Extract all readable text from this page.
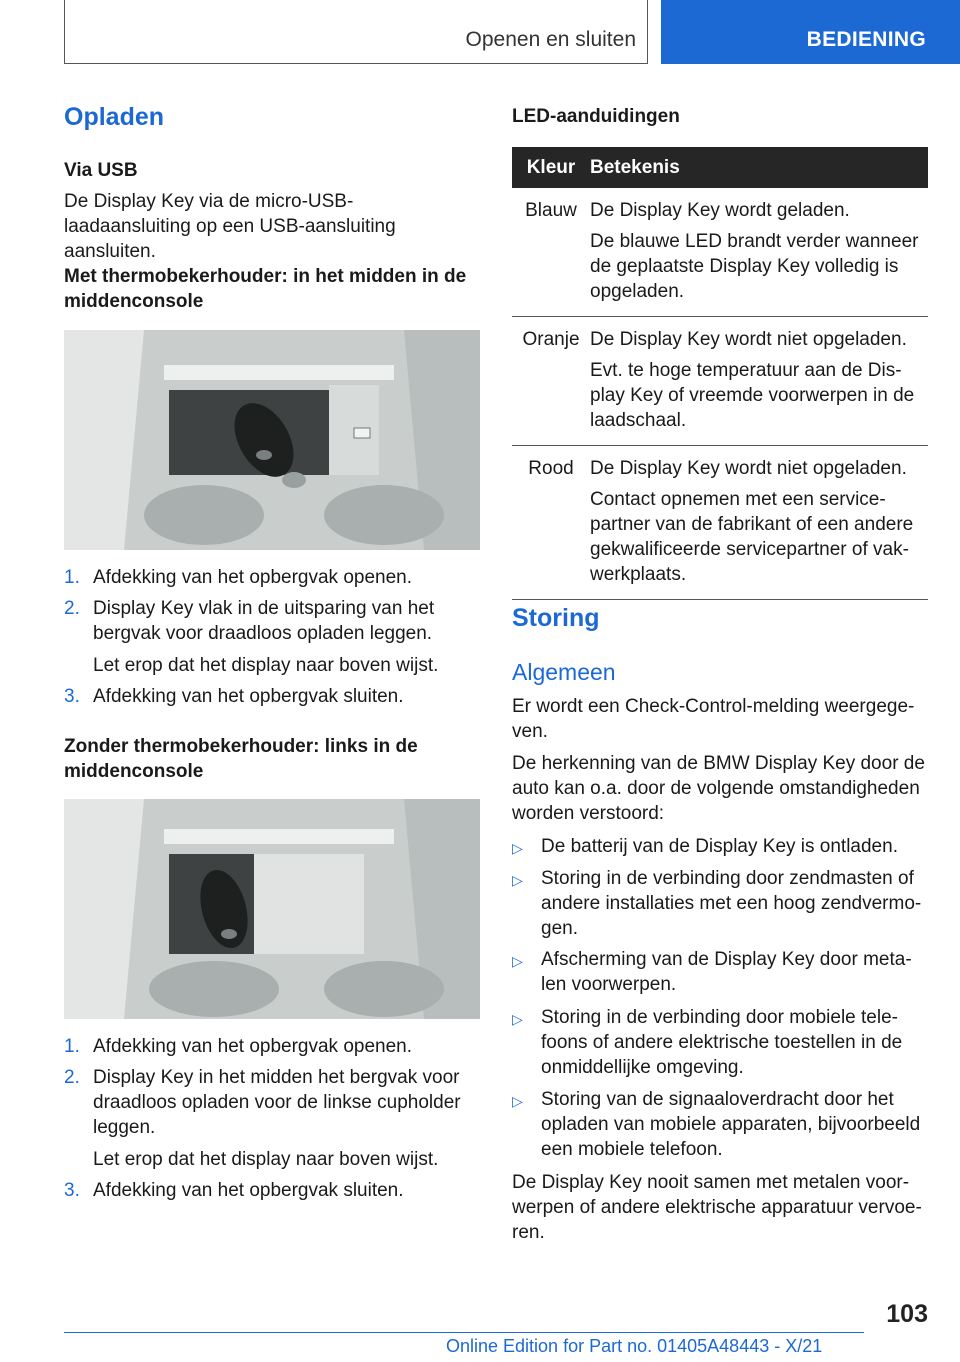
Openen en sluiten	BEDIENING
Opladen
Via USB
De Display Key via de micro-USB-laadaansluiting op een USB-aansluiting aansluiten.
Met thermobekerhouder: in het midden in de middenconsole
1. Afdekking van het opbergvak openen.
2. Display Key vlak in de uitsparing van het bergvak voor draadloos opladen leggen.
Let erop dat het display naar boven wijst.
3. Afdekking van het opbergvak sluiten.
Zonder thermobekerhouder: links in de middenconsole
1. Afdekking van het opbergvak openen.
2. Display Key in het midden het bergvak voor draadloos opladen voor de linkse cupholder leggen.
Let erop dat het display naar boven wijst.
3. Afdekking van het opbergvak sluiten.
LED-aanduidingen
Kleur	Betekenis
Blauw	De Display Key wordt geladen.
De blauwe LED brandt verder wanneer de geplaatste Display Key volledig is opgeladen.

Oranje	De Display Key wordt niet opgeladen.
Evt. te hoge temperatuur aan de Dis-play Key of vreemde voorwerpen in de laadschaal.

Rood	De Display Key wordt niet opgeladen.
Contact opnemen met een service-partner van de fabrikant of een andere gekwalificeerde servicepartner of vak-werkplaats.
Storing
Algemeen
Er wordt een Check-Control-melding weergege-ven.
De herkenning van de BMW Display Key door de auto kan o.a. door de volgende omstandigheden worden verstoord:
▷ De batterij van de Display Key is ontladen.
▷ Storing in de verbinding door zendmasten of andere installaties met een hoog zendvermo-gen.
▷ Afscherming van de Display Key door meta-len voorwerpen.
▷ Storing in de verbinding door mobiele tele-foons of andere elektrische toestellen in de onmiddellijke omgeving.
▷ Storing van de signaaloverdracht door het opladen van mobiele apparaten, bijvoorbeeld een mobiele telefoon.
De Display Key nooit samen met metalen voor-werpen of andere elektrische apparatuur vervoe-ren.
103
Online Edition for Part no. 01405A48443 - X/21
